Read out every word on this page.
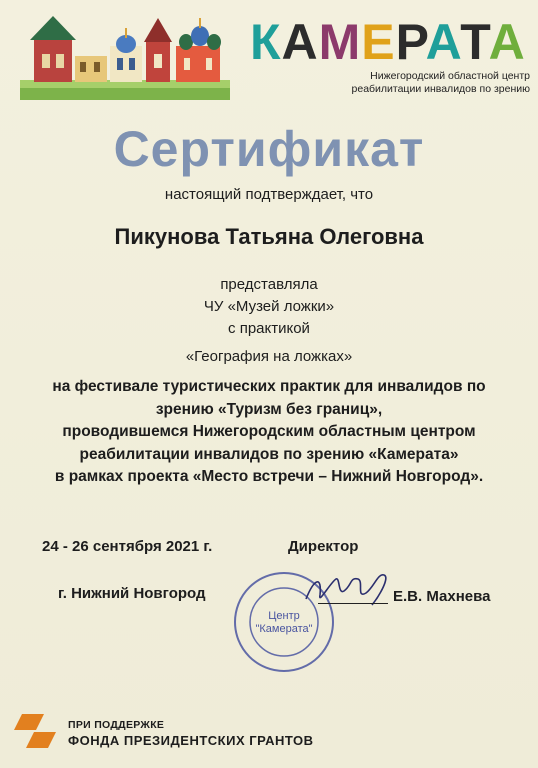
КАМЕРАТА
Нижегородский областной центр
реабилитации инвалидов по зрению
Сертификат
настоящий подтверждает, что
Пикунова Татьяна Олеговна
представляла
ЧУ «Музей ложки»
с практикой
«География на ложках»
на фестивале туристических практик для инвалидов по
зрению «Туризм без границ»,
проводившемся Нижегородским областным центром
реабилитации инвалидов по зрению «Камерата»
в рамках проекта «Место встречи – Нижний Новгород».
24 - 26 сентября 2021 г.	Директор
г. Нижний Новгород
Центр
"Камерата"
Е.В. Махнева
ПРИ ПОДДЕРЖКЕ
ФОНДА ПРЕЗИДЕНТСКИХ ГРАНТОВ
